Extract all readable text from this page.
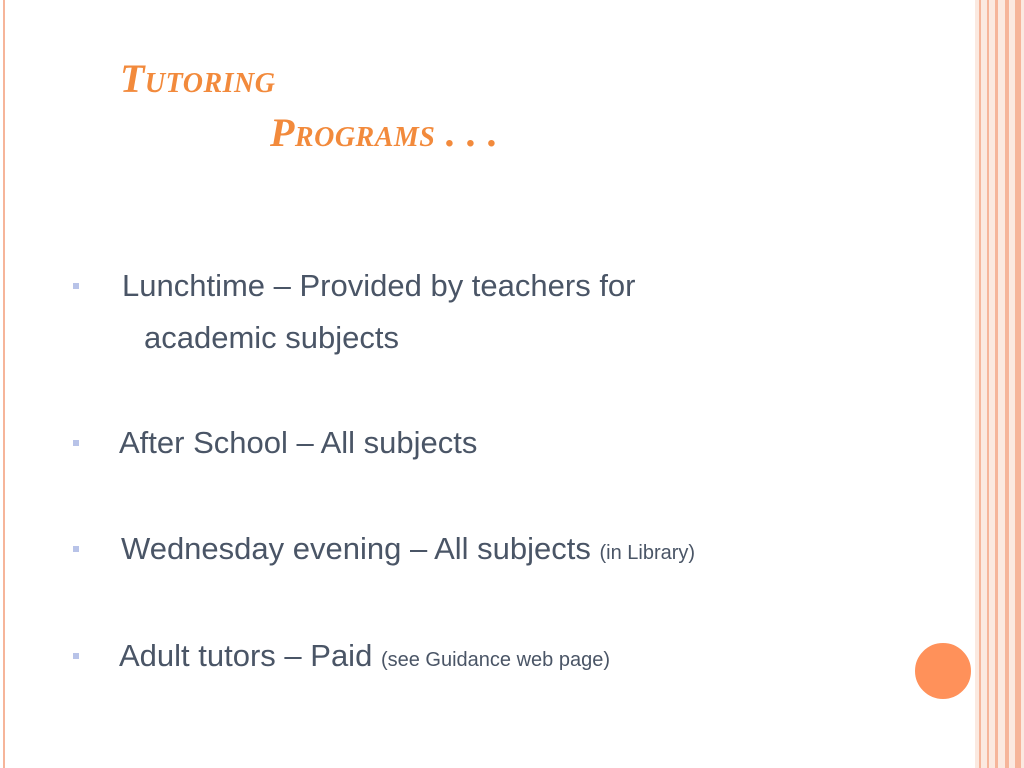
Tutoring
Programs . . .
Lunchtime – Provided by teachers for
academic subjects
After School – All subjects
Wednesday evening – All subjects (in Library)
Adult tutors – Paid (see Guidance web page)
